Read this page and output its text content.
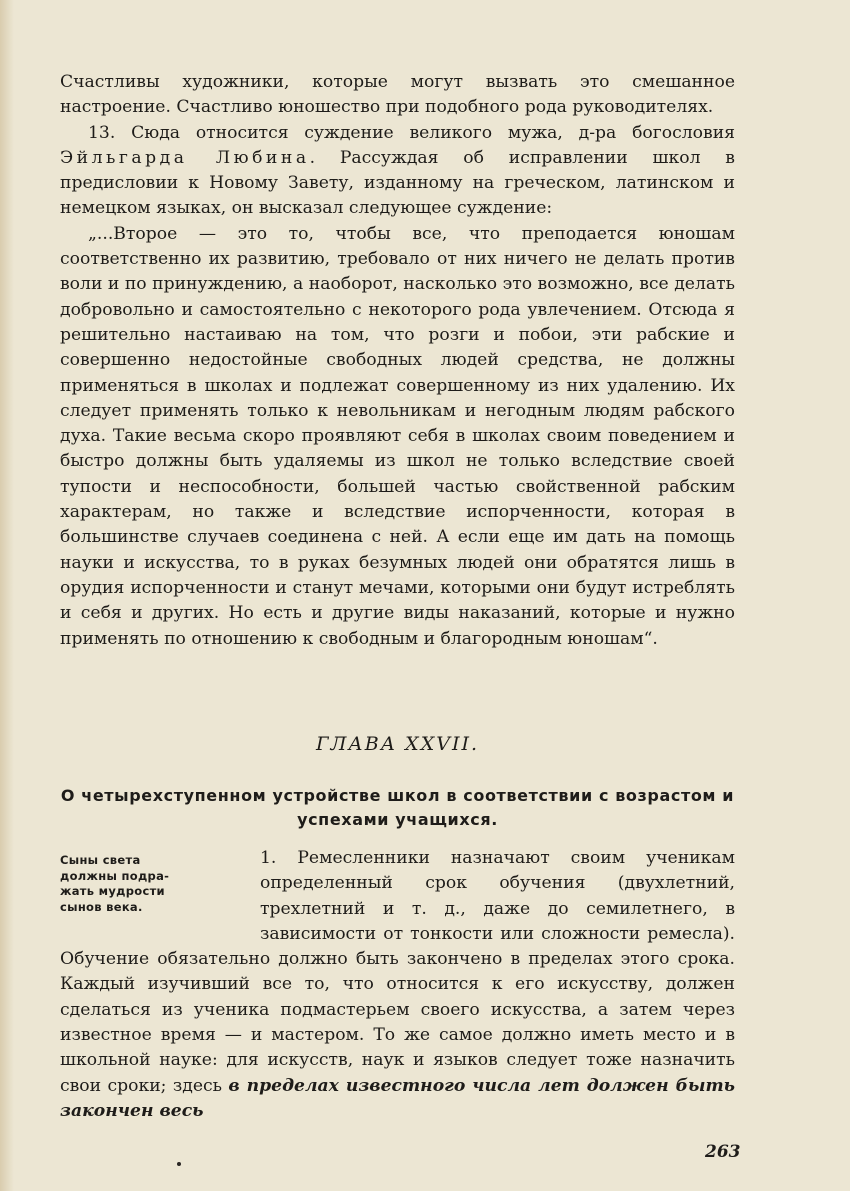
Счастливы художники, которые могут вызвать это смешанное настроение. Счастливо юношество при подобного рода руководителях.

13. Сюда относится суждение великого мужа, д-ра богословия Эйльгарда Любина. Рассуждая об исправлении школ в предисловии к Новому Завету, изданному на греческом, латинском и немецком языках, он высказал следующее суждение:

„...Второе — это то, чтобы все, что преподается юношам соответственно их развитию, требовало от них ничего не делать против воли и по принуждению, а наоборот, насколько это возможно, все делать добровольно и самостоятельно с некоторого рода увлечением. Отсюда я решительно настаиваю на том, что розги и побои, эти рабские и совершенно недостойные свободных людей средства, не должны применяться в школах и подлежат совершенному из них удалению. Их следует применять только к невольникам и негодным людям рабского духа. Такие весьма скоро проявляют себя в школах своим поведением и быстро должны быть удаляемы из школ не только вследствие своей тупости и неспособности, большей частью свойственной рабским характерам, но также и вследствие испорченности, которая в большинстве случаев соединена с ней. А если еще им дать на помощь науки и искусства, то в руках безумных людей они обратятся лишь в орудия испорченности и станут мечами, которыми они будут истреблять и себя и других. Но есть и другие виды наказаний, которые и нужно применять по отношению к свободным и благородным юношам“.

ГЛАВА XXVII.
О четырехступенном устройстве школ в соответствии с возрастом и успехами учащихся.
Сыны света
должны подра-
жать мудрости
сынов века.

1. Ремесленники назначают своим ученикам определенный срок обучения (двухлетний, трехлетний и т. д., даже до семилетнего, в зависимости от тонкости или сложности ремесла). Обучение обязательно должно быть закончено в пределах этого срока. Каждый изучивший все то, что относится к его искусству, должен сделаться из ученика подмастерьем своего искусства, а затем через известное время — и мастером. То же самое должно иметь место и в школьной науке: для искусств, наук и языков следует тоже назначить свои сроки; здесь в пределах известного числа лет должен быть закончен весь

263
